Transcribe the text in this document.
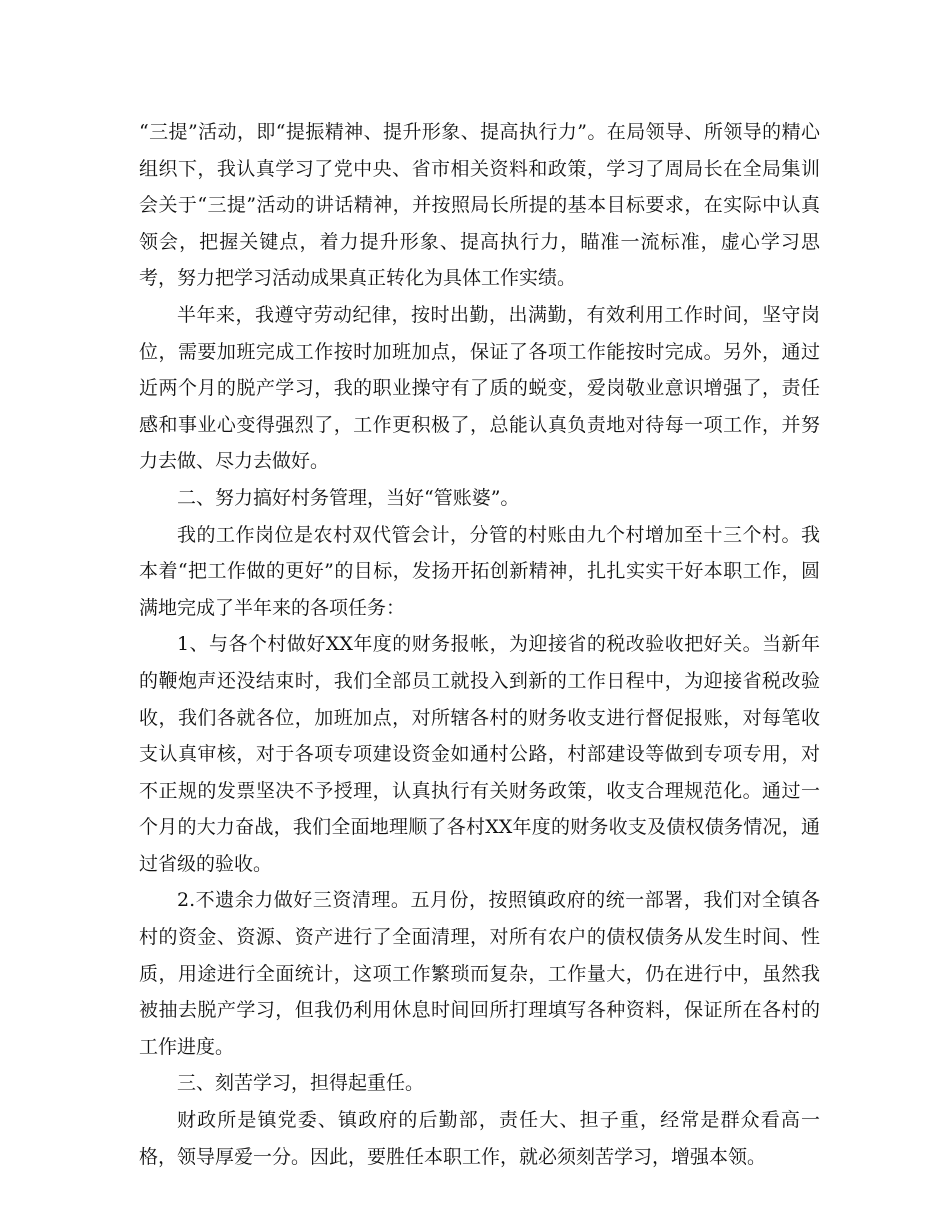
“三提”活动，即“提振精神、提升形象、提高执行力”。在局领导、所领导的精心组织下，我认真学习了党中央、省市相关资料和政策，学习了周局长在全局集训会关于“三提”活动的讲话精神，并按照局长所提的基本目标要求，在实际中认真领会，把握关键点，着力提升形象、提高执行力，瞄准一流标准，虚心学习思考，努力把学习活动成果真正转化为具体工作实绩。

半年来，我遵守劳动纪律，按时出勤，出满勤，有效利用工作时间，坚守岗位，需要加班完成工作按时加班加点，保证了各项工作能按时完成。另外，通过近两个月的脱产学习，我的职业操守有了质的蜕变，爱岗敬业意识增强了，责任感和事业心变得强烈了，工作更积极了，总能认真负责地对待每一项工作，并努力去做、尽力去做好。

二、努力搞好村务管理，当好“管账婆”。

我的工作岗位是农村双代管会计，分管的村账由九个村增加至十三个村。我本着“把工作做的更好”的目标，发扬开拓创新精神，扎扎实实干好本职工作，圆满地完成了半年来的各项任务：

1、与各个村做好XX年度的财务报帐，为迎接省的税改验收把好关。当新年的鞭炮声还没结束时，我们全部员工就投入到新的工作日程中，为迎接省税改验收，我们各就各位，加班加点，对所辖各村的财务收支进行督促报账，对每笔收支认真审核，对于各项专项建设资金如通村公路，村部建设等做到专项专用，对不正规的发票坚决不予授理，认真执行有关财务政策，收支合理规范化。通过一个月的大力奋战，我们全面地理顺了各村XX年度的财务收支及债权债务情况，通过省级的验收。

2.不遗余力做好三资清理。五月份，按照镇政府的统一部署，我们对全镇各村的资金、资源、资产进行了全面清理，对所有农户的债权债务从发生时间、性质，用途进行全面统计，这项工作繁琐而复杂，工作量大，仍在进行中，虽然我被抽去脱产学习，但我仍利用休息时间回所打理填写各种资料，保证所在各村的工作进度。

三、刻苦学习，担得起重任。

财政所是镇党委、镇政府的后勤部，责任大、担子重，经常是群众看高一格，领导厚爱一分。因此，要胜任本职工作，就必须刻苦学习，增强本领。
